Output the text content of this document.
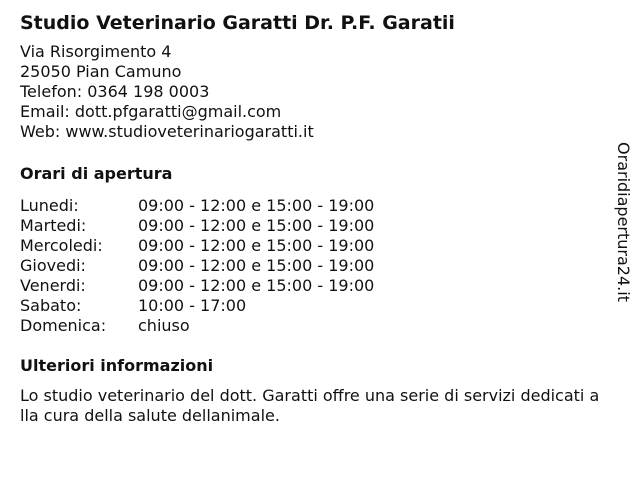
Studio Veterinario Garatti Dr. P.F. Garatii
Via Risorgimento 4
25050 Pian Camuno
Telefon: 0364 198 0003
Email: dott.pfgaratti@gmail.com
Web: www.studioveterinariogaratti.it
Orari di apertura
Lunedi:	09:00 - 12:00 e 15:00 - 19:00
Martedi:	09:00 - 12:00 e 15:00 - 19:00
Mercoledi:	09:00 - 12:00 e 15:00 - 19:00
Giovedi:	09:00 - 12:00 e 15:00 - 19:00
Venerdi:	09:00 - 12:00 e 15:00 - 19:00
Sabato:	10:00 - 17:00
Domenica:	chiuso
Ulteriori informazioni
Lo studio veterinario del dott. Garatti offre una serie di servizi dedicati alla cura della salute dellanimale.
Oraridiapertura24.it
